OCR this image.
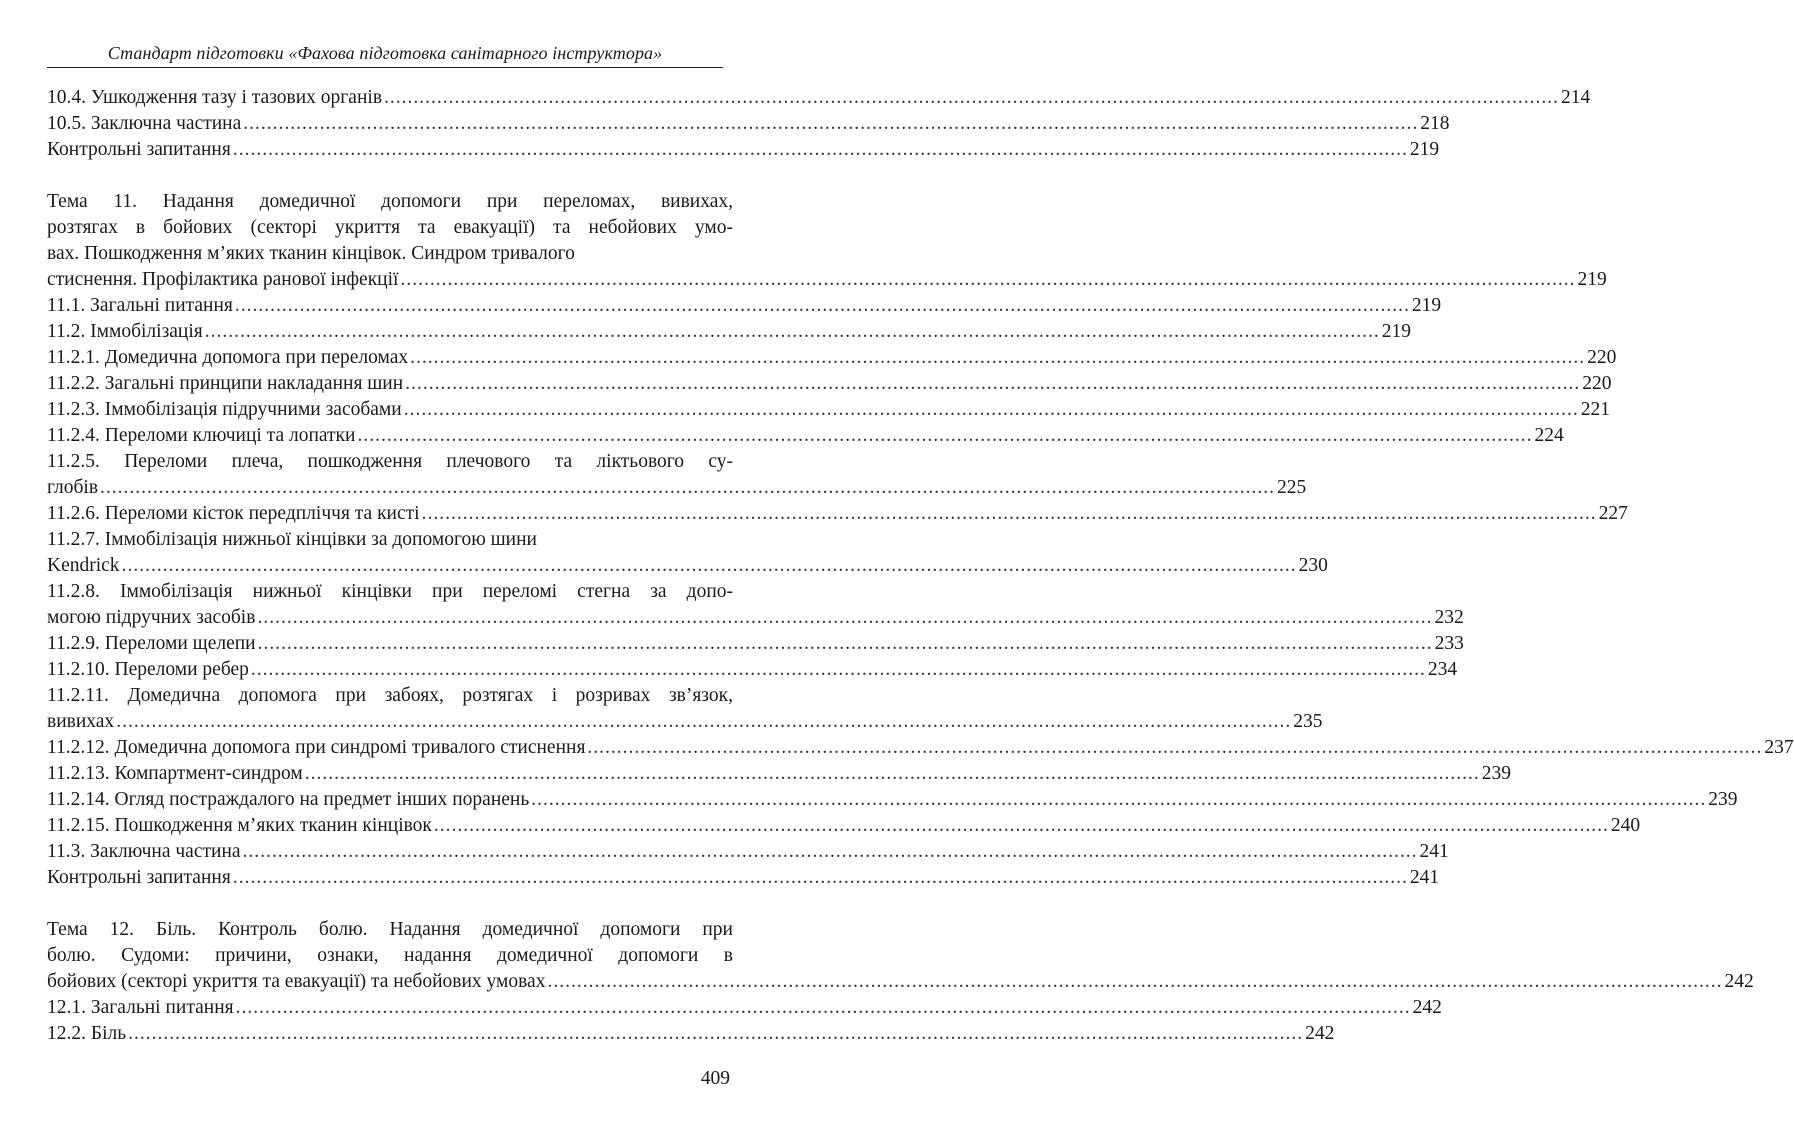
Стандарт підготовки «Фахова підготовка санітарного інструктора»
10.4. Ушкодження тазу і тазових органів ........................................................................................................................................................................................................ 214
10.5. Заключна частина ........................................................................................................................................................................................................ 218
Контрольні запитання ........................................................................................................................................................................................................ 219
Тема 11. Надання домедичної допомоги при переломах, вивихах,
розтягах в бойових (секторі укриття та евакуації) та небойових умо-
вах. Пошкодження м’яких тканин кінцівок. Синдром тривалого
стиснення. Профілактика ранової інфекції ........................................................................................................................................................................................................ 219
11.1. Загальні питання ........................................................................................................................................................................................................ 219
11.2. Іммобілізація ........................................................................................................................................................................................................ 219
11.2.1. Домедична допомога при переломах ........................................................................................................................................................................................................ 220
11.2.2. Загальні принципи накладання шин ........................................................................................................................................................................................................ 220
11.2.3. Іммобілізація підручними засобами ........................................................................................................................................................................................................ 221
11.2.4. Переломи ключиці та лопатки ........................................................................................................................................................................................................ 224
11.2.5. Переломи плеча, пошкодження плечового та ліктьового су-
глобів ........................................................................................................................................................................................................ 225
11.2.6. Переломи кісток передпліччя та кисті ........................................................................................................................................................................................................ 227
11.2.7. Іммобілізація нижньої кінцівки за допомогою шини
Kendrick ........................................................................................................................................................................................................ 230
11.2.8. Іммобілізація нижньої кінцівки при переломі стегна за допо-
могою підручних засобів ........................................................................................................................................................................................................ 232
11.2.9. Переломи щелепи ........................................................................................................................................................................................................ 233
11.2.10. Переломи ребер ........................................................................................................................................................................................................ 234
11.2.11. Домедична допомога при забоях, розтягах і розривах зв’язок,
вивихах ........................................................................................................................................................................................................ 235
11.2.12. Домедична допомога при синдромі тривалого стиснення ........................................................................................................................................................................................................ 237
11.2.13. Компартмент-синдром ........................................................................................................................................................................................................ 239
11.2.14. Огляд постраждалого на предмет інших поранень ........................................................................................................................................................................................................ 239
11.2.15. Пошкодження м’яких тканин кінцівок ........................................................................................................................................................................................................ 240
11.3. Заключна частина ........................................................................................................................................................................................................ 241
Контрольні запитання ........................................................................................................................................................................................................ 241
Тема 12. Біль. Контроль болю. Надання домедичної допомоги при
болю. Судоми: причини, ознаки, надання домедичної допомоги в
бойових (секторі укриття та евакуації) та небойових умовах ........................................................................................................................................................................................................ 242
12.1. Загальні питання ........................................................................................................................................................................................................ 242
12.2. Біль ........................................................................................................................................................................................................ 242
409
